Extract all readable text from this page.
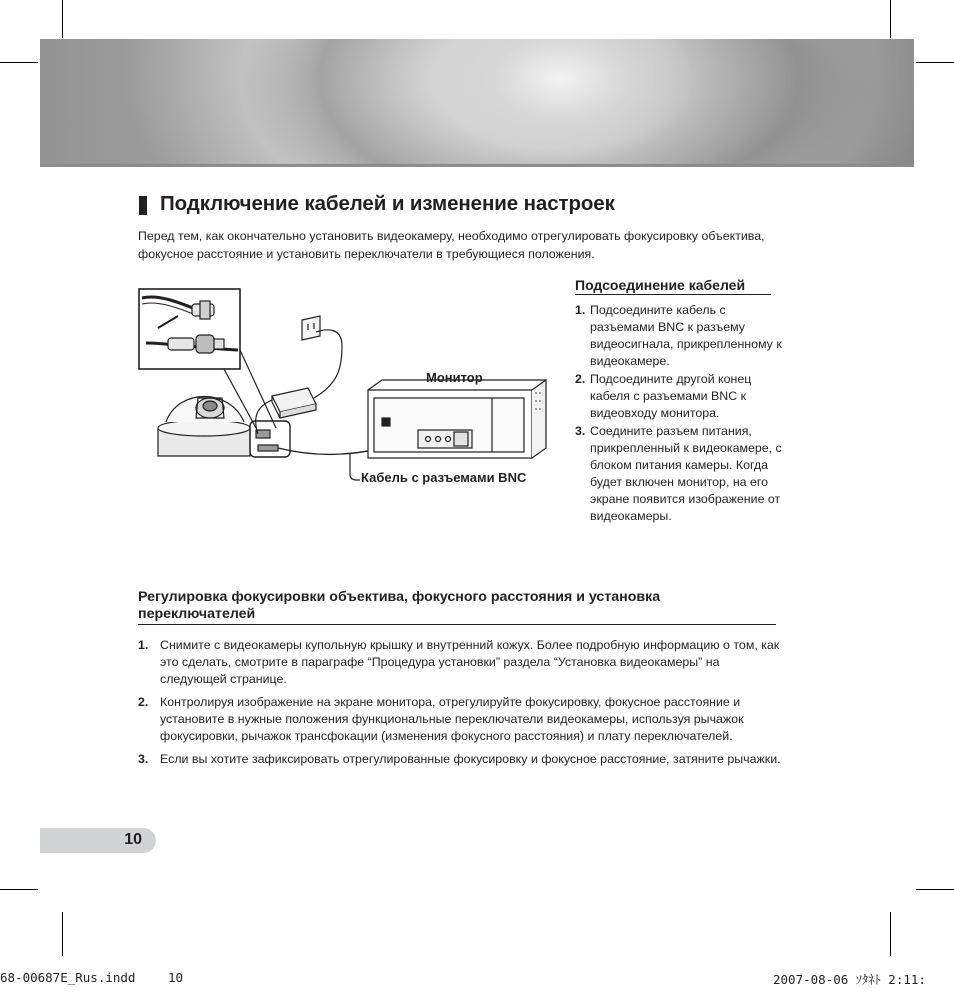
Подключение кабелей и изменение настроек

Перед тем, как окончательно установить видеокамеру, необходимо отрегулировать фокусировку объектива, фокусное расстояние и установить переключатели в требующиеся положения.

Монитор
Кабель с разъемами BNC
Подсоединение кабелей
1. Подсоедините кабель с разъемами BNC к разъему видеосигнала, прикрепленному к видеокамере.
2. Подсоедините другой конец кабеля с разъемами BNC к видеовходу монитора.
3. Соедините разъем питания, прикрепленный к видеокамере, с блоком питания камеры. Когда будет включен монитор, на его экране появится изображение от видеокамеры.
Регулировка фокусировки объектива, фокусного расстояния и установка переключателей
1. Снимите с видеокамеры купольную крышку и внутренний кожух. Более подробную информацию о том, как это сделать, смотрите в параграфе “Процедура установки” раздела “Установка видеокамеры” на следующей странице.
2. Контролируя изображение на экране монитора, отрегулируйте фокусировку, фокусное расстояние и установите в нужные положения функциональные переключатели видеокамеры, используя рычажок фокусировки, рычажок трансфокации (изменения фокусного расстояния) и плату переключателей.
3. Если вы хотите зафиксировать отрегулированные фокусировку и фокусное расстояние, затяните рычажки.
10
68-00687E_Rus.indd	10	2007-08-06 ｿﾀﾈﾄ 2:11:
